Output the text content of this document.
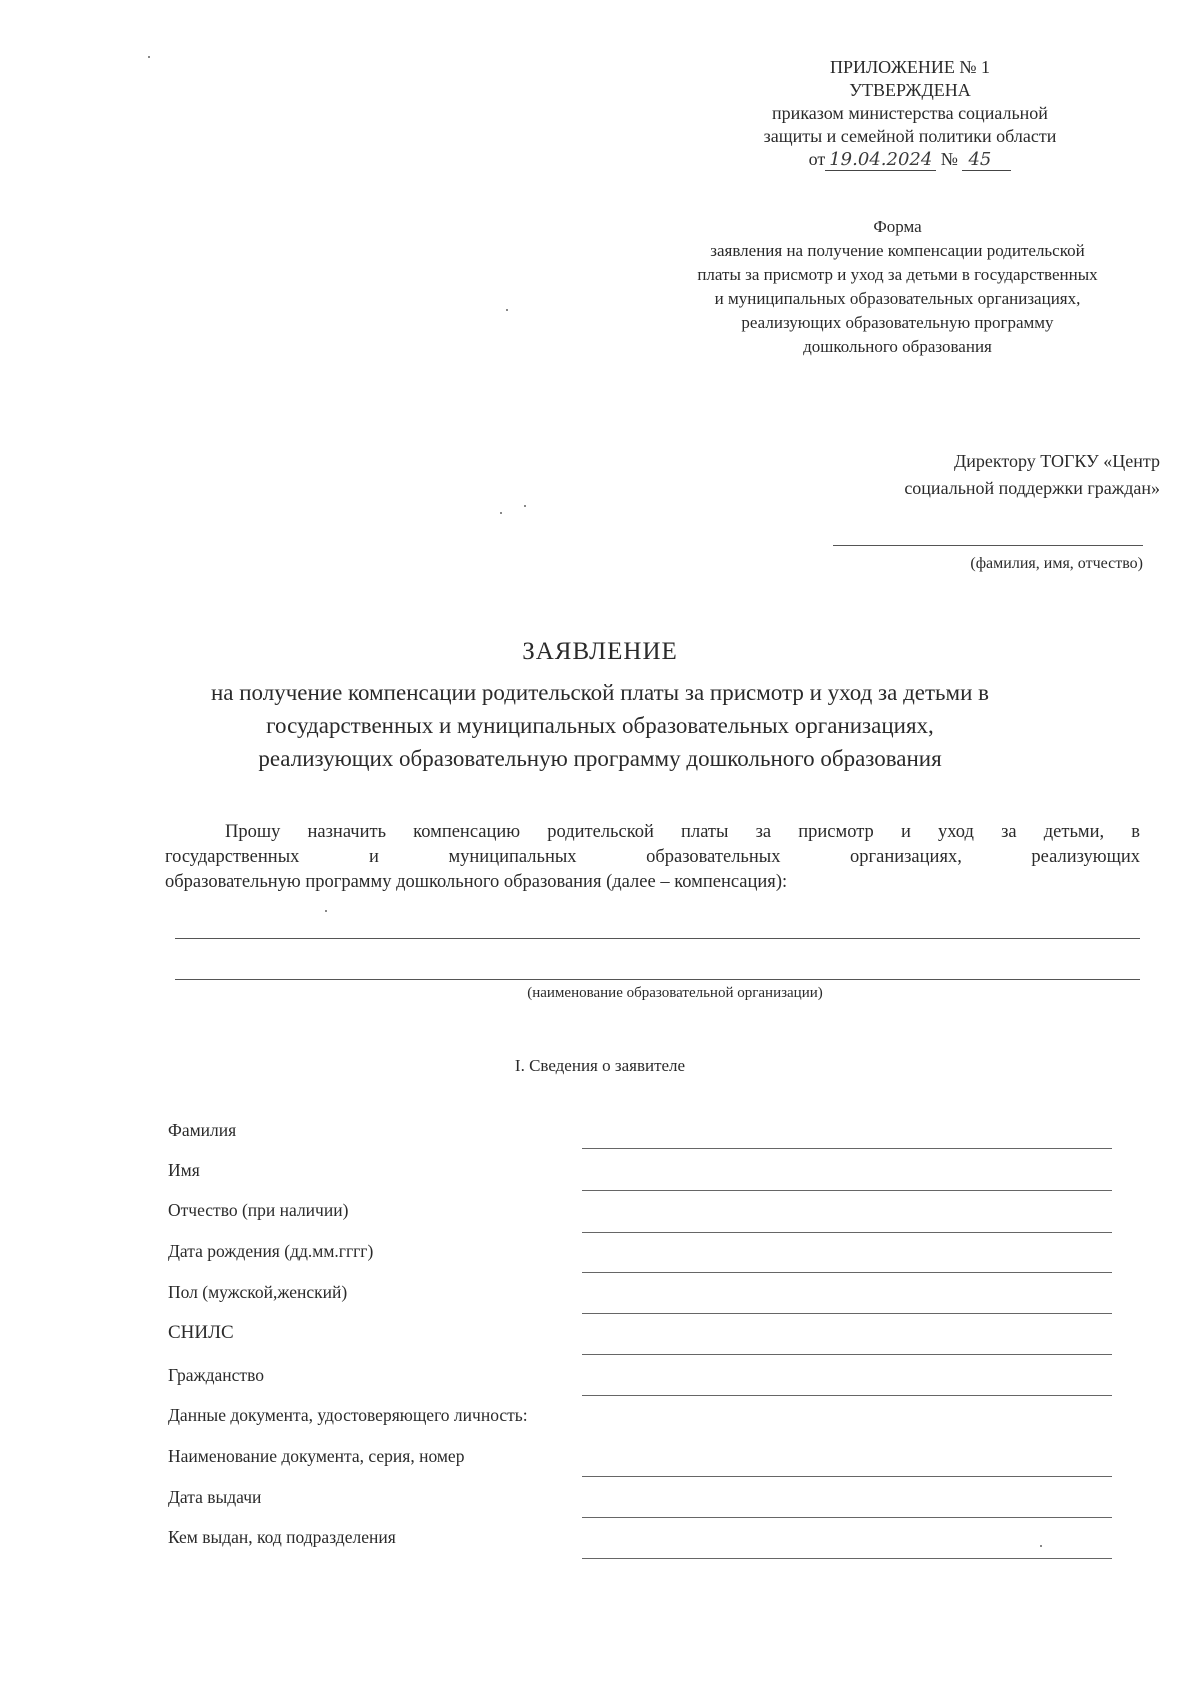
ПРИЛОЖЕНИЕ № 1
УТВЕРЖДЕНА
приказом министерства социальной
защиты и семейной политики области
от 19.04.2024 № 45
Форма
заявления на получение компенсации родительской
платы за присмотр и уход за детьми в государственных
и муниципальных образовательных организациях,
реализующих образовательную программу
дошкольного образования
Директору ТОГКУ «Центр
социальной поддержки граждан»
(фамилия, имя, отчество)
ЗАЯВЛЕНИЕ
на получение компенсации родительской платы за присмотр и уход за детьми в
государственных и муниципальных образовательных организациях,
реализующих образовательную программу дошкольного образования
Прошу назначить компенсацию родительской платы за присмотр и уход за детьми, в
государственных и муниципальных образовательных организациях, реализующих
образовательную программу дошкольного образования (далее – компенсация):
(наименование образовательной организации)
I. Сведения о заявителе
Фамилия
Имя
Отчество (при наличии)
Дата рождения (дд.мм.гггг)
Пол (мужской,женский)
СНИЛС
Гражданство
Данные документа, удостоверяющего личность:
Наименование документа, серия, номер
Дата выдачи
Кем выдан, код подразделения
